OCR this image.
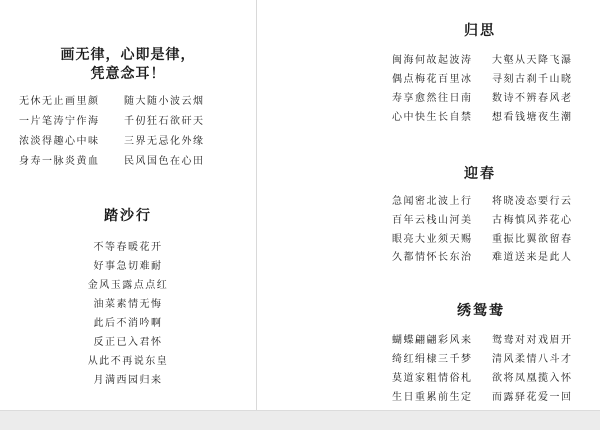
画无律，心即是律，
凭意念耳！
无休无止画里颜 随大随小波云烟
一片笔涛宁作海 千仞狂石欲矸天
浓淡得趣心中味 三界无忌化外缘
身寿一脉炎黄血 民风国色在心田
踏沙行
不等春暖花开
好事急切难耐
金风玉露点点红
油菜素情无悔
此后不消吟啊
反正已入君怀
从此不再说东皇
月满西园归来
归思
闽海何故起波涛 大壑从天降飞瀑
偶点梅花百里冰 寻刻古刹千山晓
寿享愈然往日南 数诗不辨春风老
心中快生长自禁 想看钱塘夜生潮
迎春
急闻密北波上行 将晓凌态要行云
百年云栈山河美 古梅慎风荞花心
眼亮大业须天赐 重振比翼欲留春
久都情怀长东治 难道送来是此人
绣鸳鸯
蝴蝶翩翩彩风来 鸳鸯对对戏眉开
绮红绢棣三千梦 清风柔情八斗才
莫道家粗情俗札 欲将凤凰揽入怀
生日重累前生定 而露驿花爱一回
